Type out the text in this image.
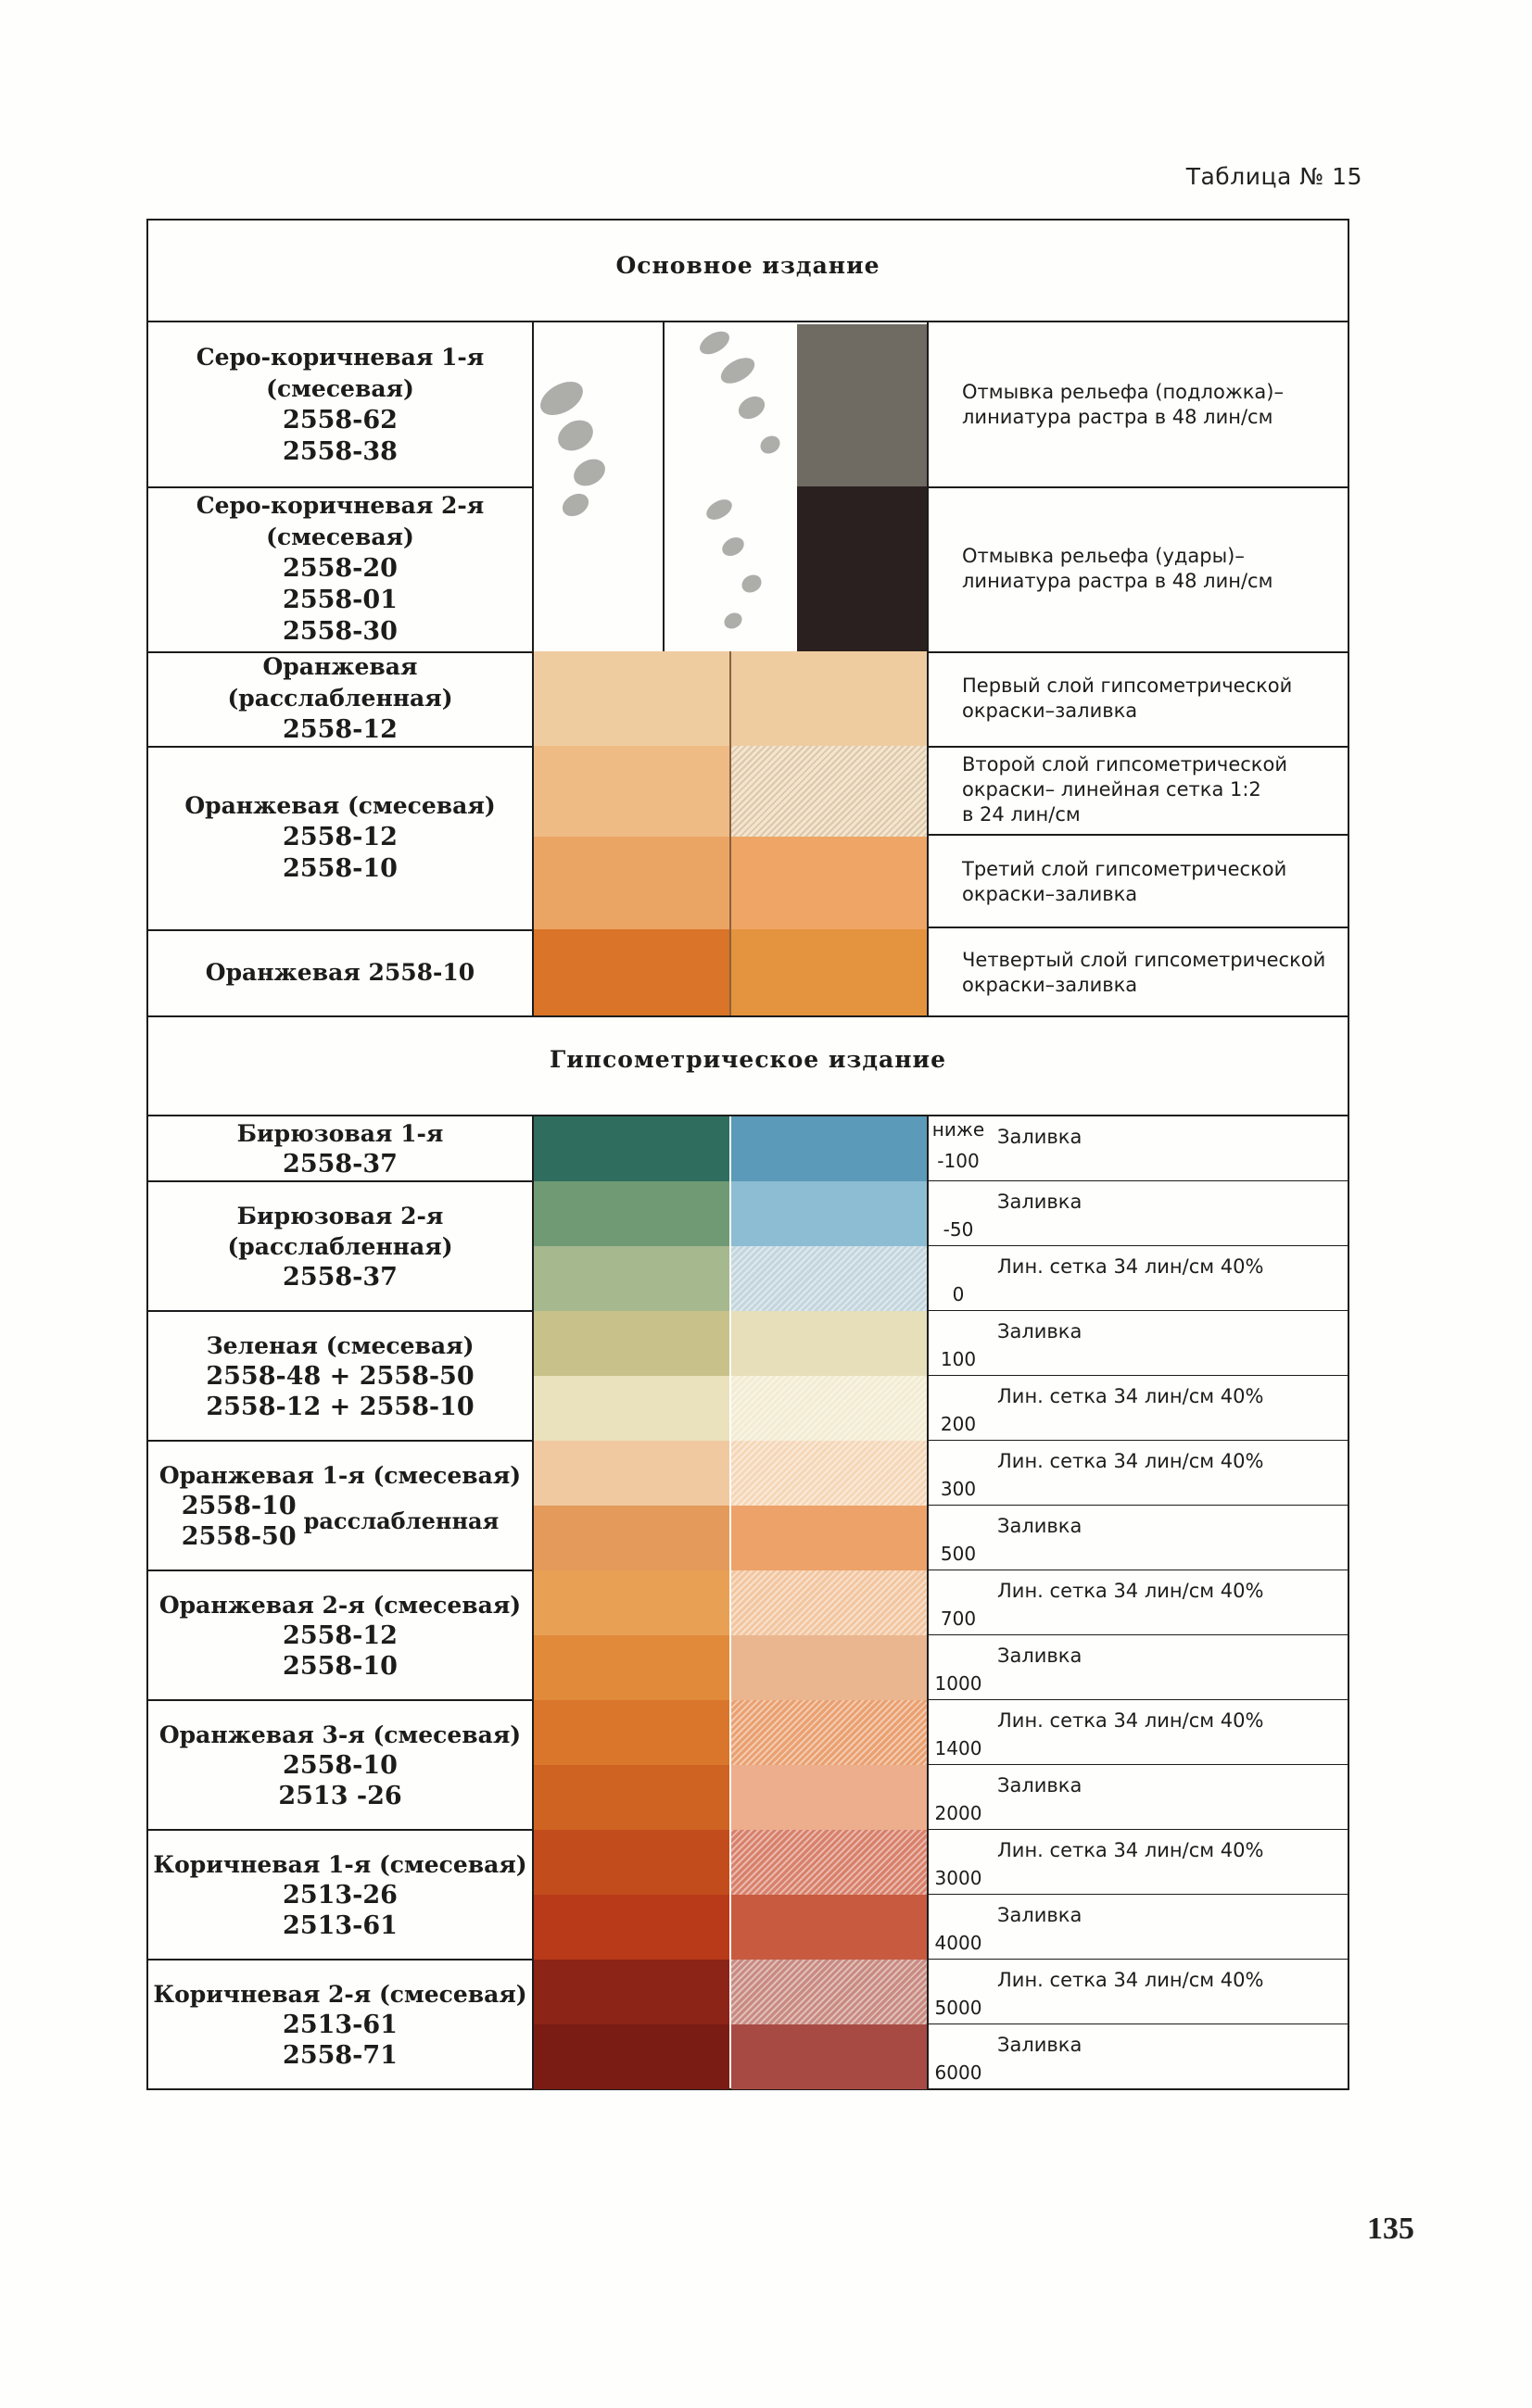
Таблица № 15
Основное издание
Серо-коричневая 1-я
(смесевая)
2558-62
2558-38
Серо-коричневая 2-я
(смесевая)
2558-20
2558-01
2558-30
Оранжевая (расслабленная)
2558-12
Оранжевая (смесевая)
2558-12
2558-10
Оранжевая 2558-10
Отмывка рельефа (подложка)–
линиатура растра в 48 лин/см
Отмывка рельефа (удары)–
линиатура растра в 48 лин/см
Первый слой гипсометрической
окраски–заливка
Второй слой гипсометрической
окраски– линейная сетка 1:2
в 24 лин/см
Третий слой гипсометрической
окраски–заливка
Четвертый слой гипсометрической
окраски–заливка
Гипсометрическое издание
ниже
-100
Заливка
-50
Заливка
0
Лин. сетка 34 лин/см 40%
100
Заливка
200
Лин. сетка 34 лин/см 40%
300
Лин. сетка 34 лин/см 40%
500
Заливка
700
Лин. сетка 34 лин/см 40%
1000
Заливка
1400
Лин. сетка 34 лин/см 40%
2000
Заливка
3000
Лин. сетка 34 лин/см 40%
4000
Заливка
5000
Лин. сетка 34 лин/см 40%
6000
Заливка
Бирюзовая 1-я
2558-37
Бирюзовая 2-я
(расслабленная)
2558-37
Зеленая (смесевая)
2558-48 + 2558-50
2558-12 + 2558-10
Оранжевая 1-я (смесевая)
2558-10
2558-50
расслабленная
Оранжевая 2-я (смесевая)
2558-12
2558-10
Оранжевая 3-я (смесевая)
2558-10
2513 -26
Коричневая 1-я (смесевая)
2513-26
2513-61
Коричневая 2-я (смесевая)
2513-61
2558-71
135
